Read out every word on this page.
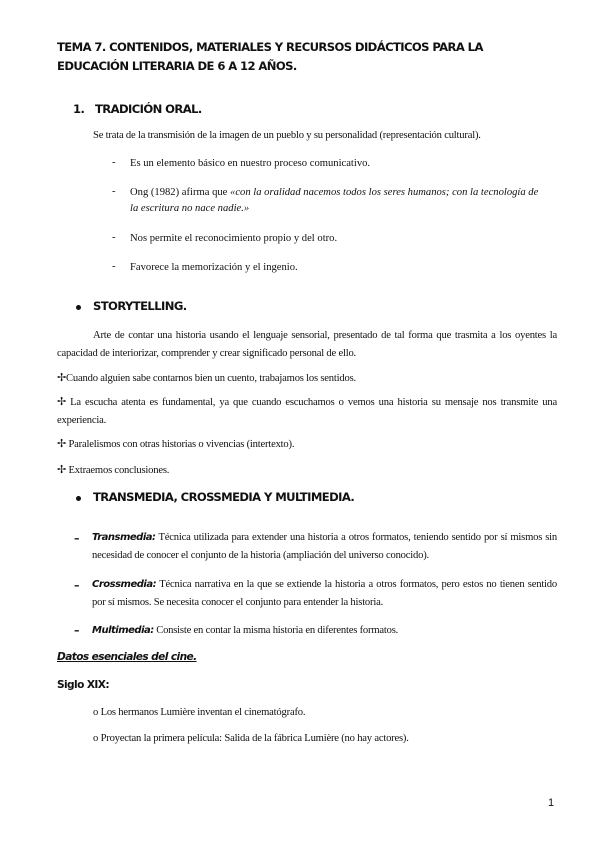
TEMA 7. CONTENIDOS, MATERIALES Y RECURSOS DIDÁCTICOS PARA LA EDUCACIÓN LITERARIA DE 6 A 12 AÑOS.
1. TRADICIÓN ORAL.
Se trata de la transmisión de la imagen de un pueblo y su personalidad (representación cultural).
- Es un elemento básico en nuestro proceso comunicativo.
- Ong (1982) afirma que «con la oralidad nacemos todos los seres humanos; con la tecnología de
la escritura no nace nadie.»
- Nos permite el reconocimiento propio y del otro.
- Favorece la memorización y el ingenio.
STORYTELLING.
Arte de contar una historia usando el lenguaje sensorial, presentado de tal forma que trasmita a los oyentes la capacidad de interiorizar, comprender y crear significado personal de ello.
✢Cuando alguien sabe contarnos bien un cuento, trabajamos los sentidos.
✢ La escucha atenta es fundamental, ya que cuando escuchamos o vemos una historia su mensaje nos transmite una experiencia.
✢ Paralelismos con otras historias o vivencias (intertexto).
✢ Extraemos conclusiones.
TRANSMEDIA, CROSSMEDIA Y MULTIMEDIA.
– Transmedia: Técnica utilizada para extender una historia a otros formatos, teniendo sentido por sí mismos sin necesidad de conocer el conjunto de la historia (ampliación del universo conocido).
– Crossmedia: Técnica narrativa en la que se extiende la historia a otros formatos, pero estos no tienen sentido por sí mismos. Se necesita conocer el conjunto para entender la historia.
– Multimedia: Consiste en contar la misma historia en diferentes formatos.
Datos esenciales del cine.
Siglo XIX:
o Los hermanos Lumière inventan el cinematógrafo.
o Proyectan la primera película: Salida de la fábrica Lumière (no hay actores).
1
